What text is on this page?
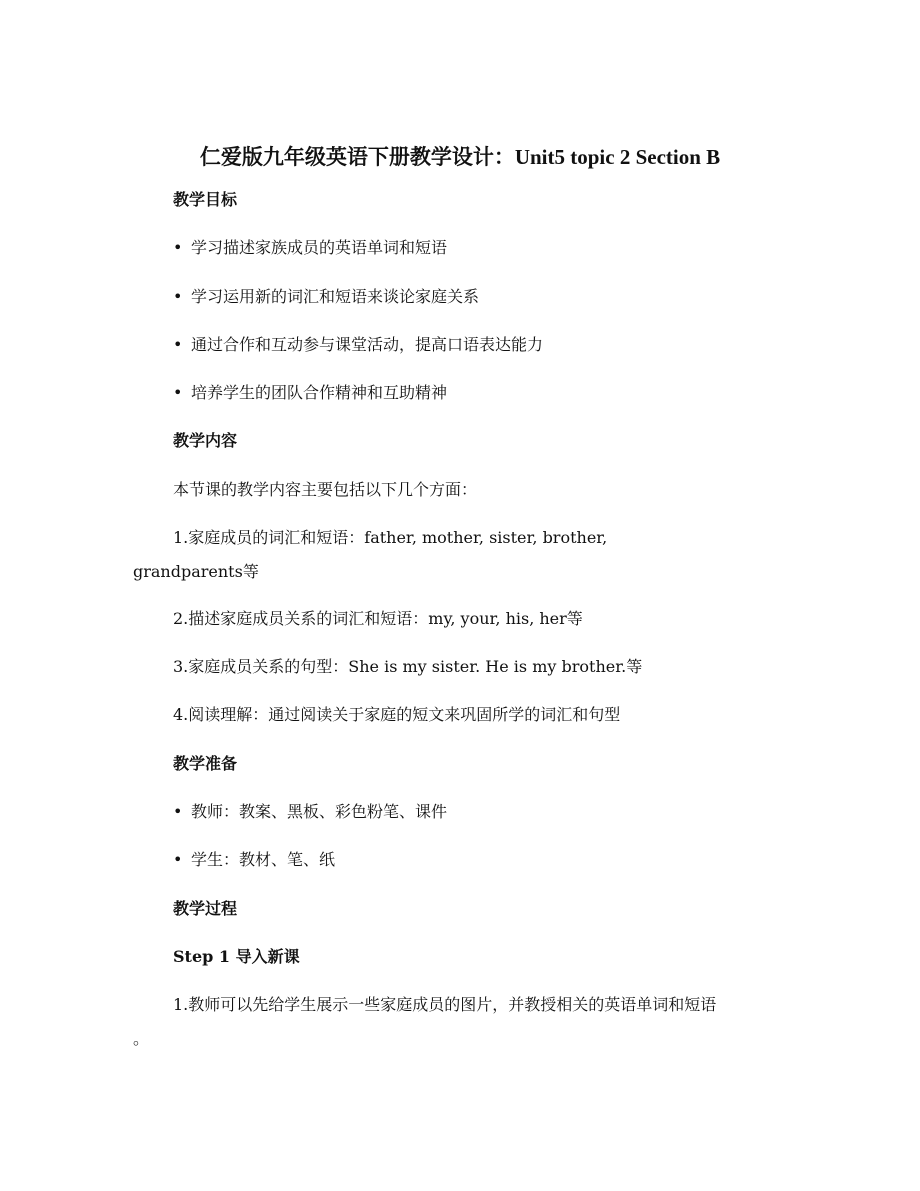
仁爱版九年级英语下册教学设计：Unit5 topic 2 Section B
教学目标
• 学习描述家族成员的英语单词和短语
• 学习运用新的词汇和短语来谈论家庭关系
• 通过合作和互动参与课堂活动，提高口语表达能力
• 培养学生的团队合作精神和互助精神
教学内容
本节课的教学内容主要包括以下几个方面：
1.家庭成员的词汇和短语：father, mother, sister, brother,
grandparents等
2.描述家庭成员关系的词汇和短语：my, your, his, her等
3.家庭成员关系的句型：She is my sister. He is my brother.等
4.阅读理解：通过阅读关于家庭的短文来巩固所学的词汇和句型
教学准备
• 教师：教案、黑板、彩色粉笔、课件
• 学生：教材、笔、纸
教学过程
Step 1 导入新课
1.教师可以先给学生展示一些家庭成员的图片，并教授相关的英语单词和短语
。
